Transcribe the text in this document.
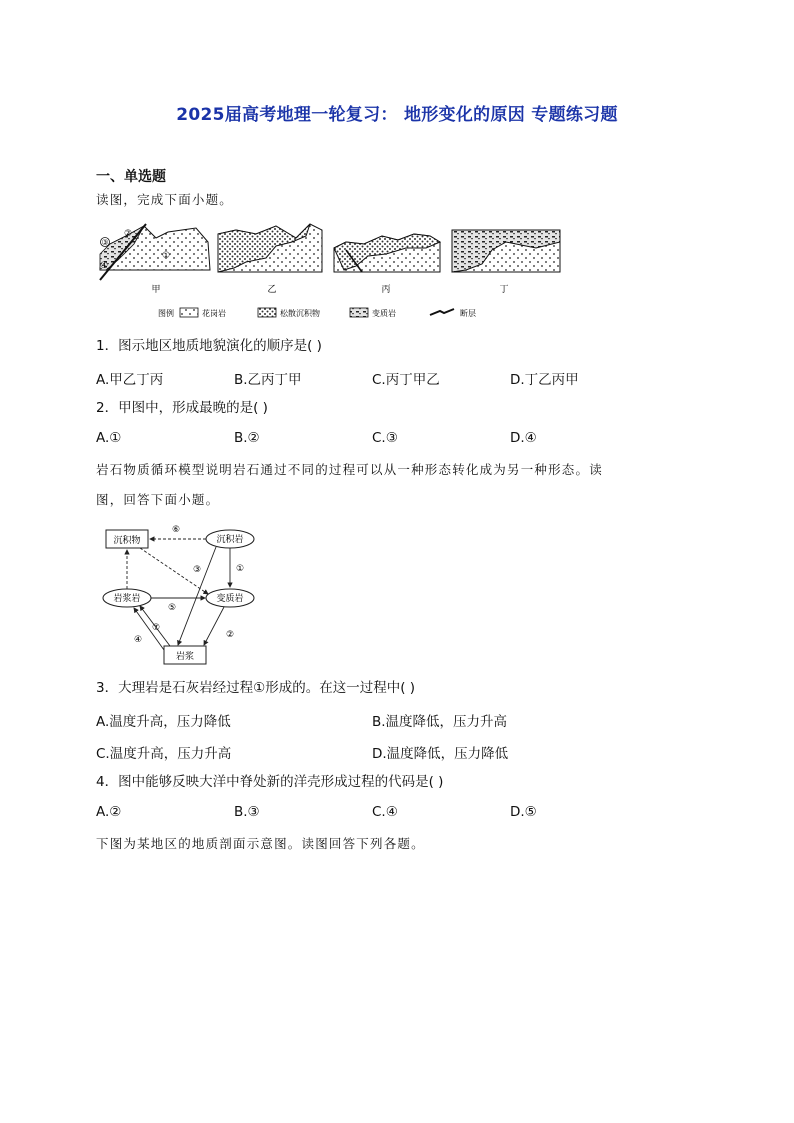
2025届高考地理一轮复习： 地形变化的原因 专题练习题
一、单选题
读图，完成下面小题。
③
②
④
①
甲	乙	丙	丁
图例	花岗岩	松散沉积物	变质岩	断层
1．图示地区地质地貌演化的顺序是( )
A.甲乙丁丙	B.乙丙丁甲	C.丙丁甲乙	D.丁乙丙甲
2．甲图中，形成最晚的是( )
A.①	B.②	C.③	D.④
岩石物质循环模型说明岩石通过不同的过程可以从一种形态转化成为另一种形态。读
图，回答下面小题。
沉积物	沉积岩
岩浆岩	变质岩
岩浆
⑥
①
③
⑤
⑦
④	②
3．大理岩是石灰岩经过程①形成的。在这一过程中( )
A.温度升高，压力降低	B.温度降低，压力升高
C.温度升高，压力升高	D.温度降低，压力降低
4．图中能够反映大洋中脊处新的洋壳形成过程的代码是( )
A.②	B.③	C.④	D.⑤
下图为某地区的地质剖面示意图。读图回答下列各题。
